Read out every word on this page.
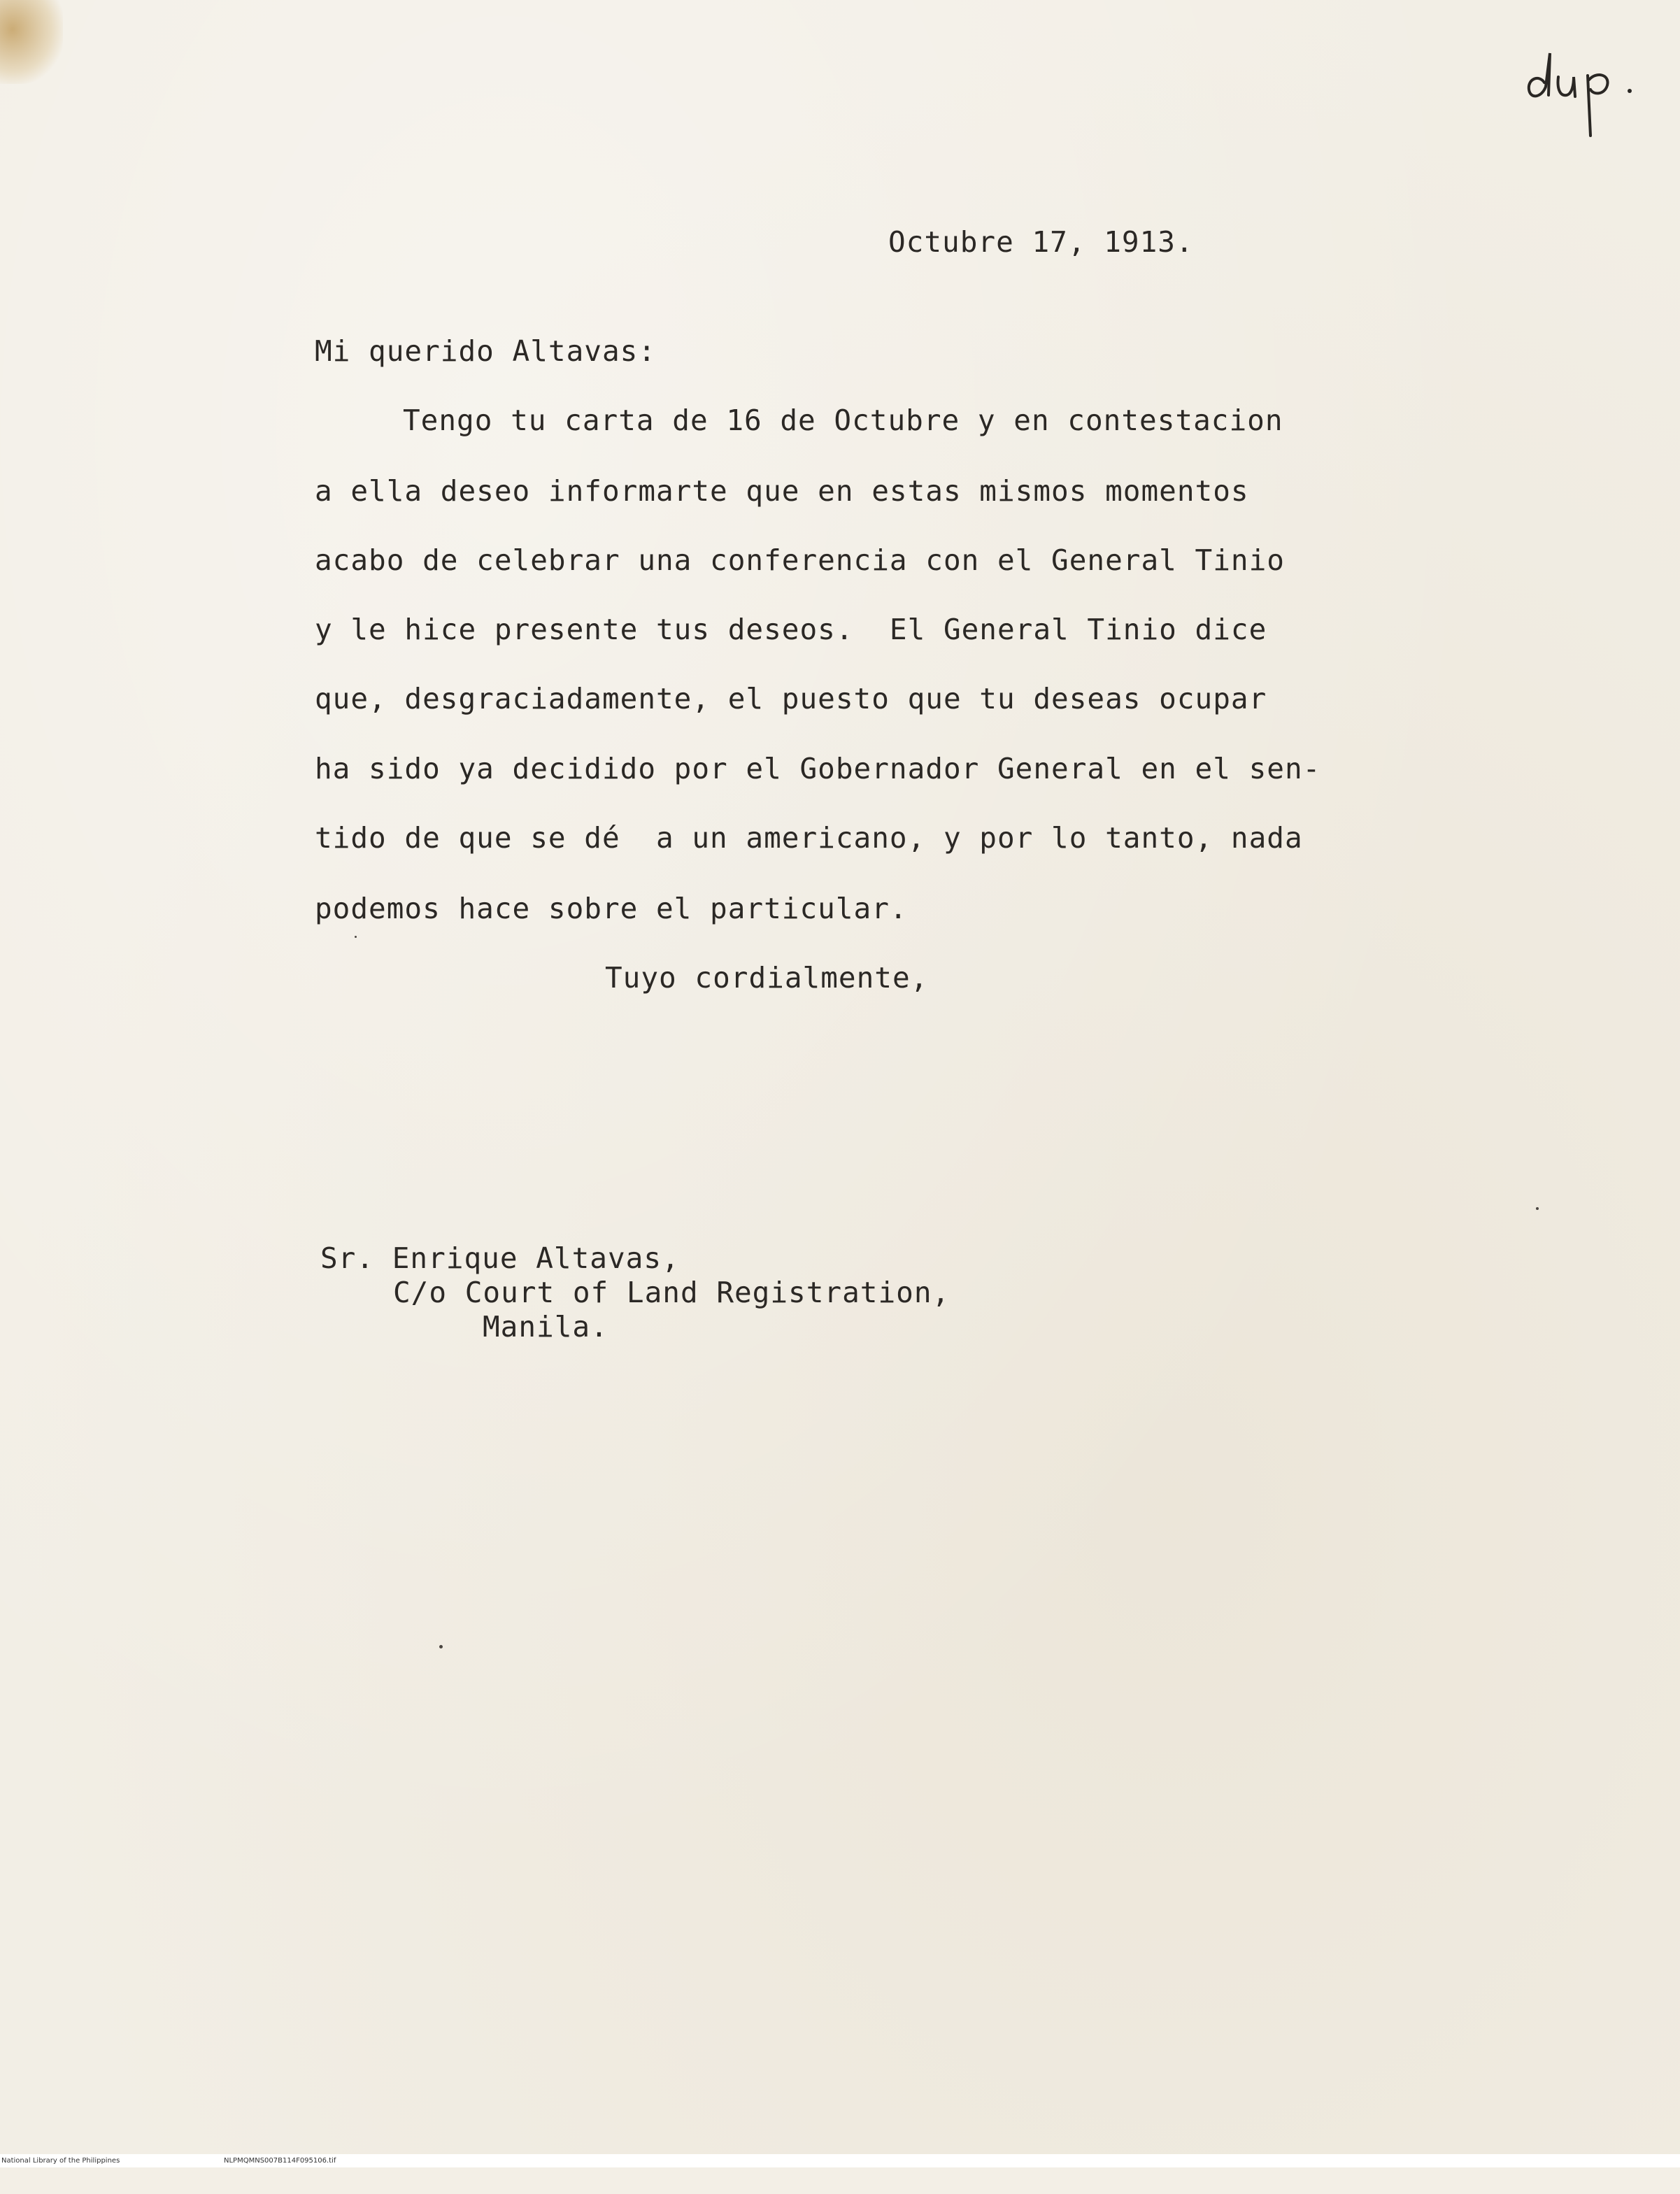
Octubre 17, 1913.
Mi querido Altavas:
Tengo tu carta de 16 de Octubre y en contestacion
a ella deseo informarte que en estas mismos momentos
acabo de celebrar una conferencia con el General Tinio
y le hice presente tus deseos.  El General Tinio dice
que, desgraciadamente, el puesto que tu deseas ocupar
ha sido ya decidido por el Gobernador General en el sen-
tido de que se dé  a un americano, y por lo tanto, nada
podemos hace sobre el particular.
Tuyo cordialmente,
Sr. Enrique Altavas,
C/o Court of Land Registration,
Manila.

National Library of the Philippines

	NLPMQMNS007B114F095106.tif
